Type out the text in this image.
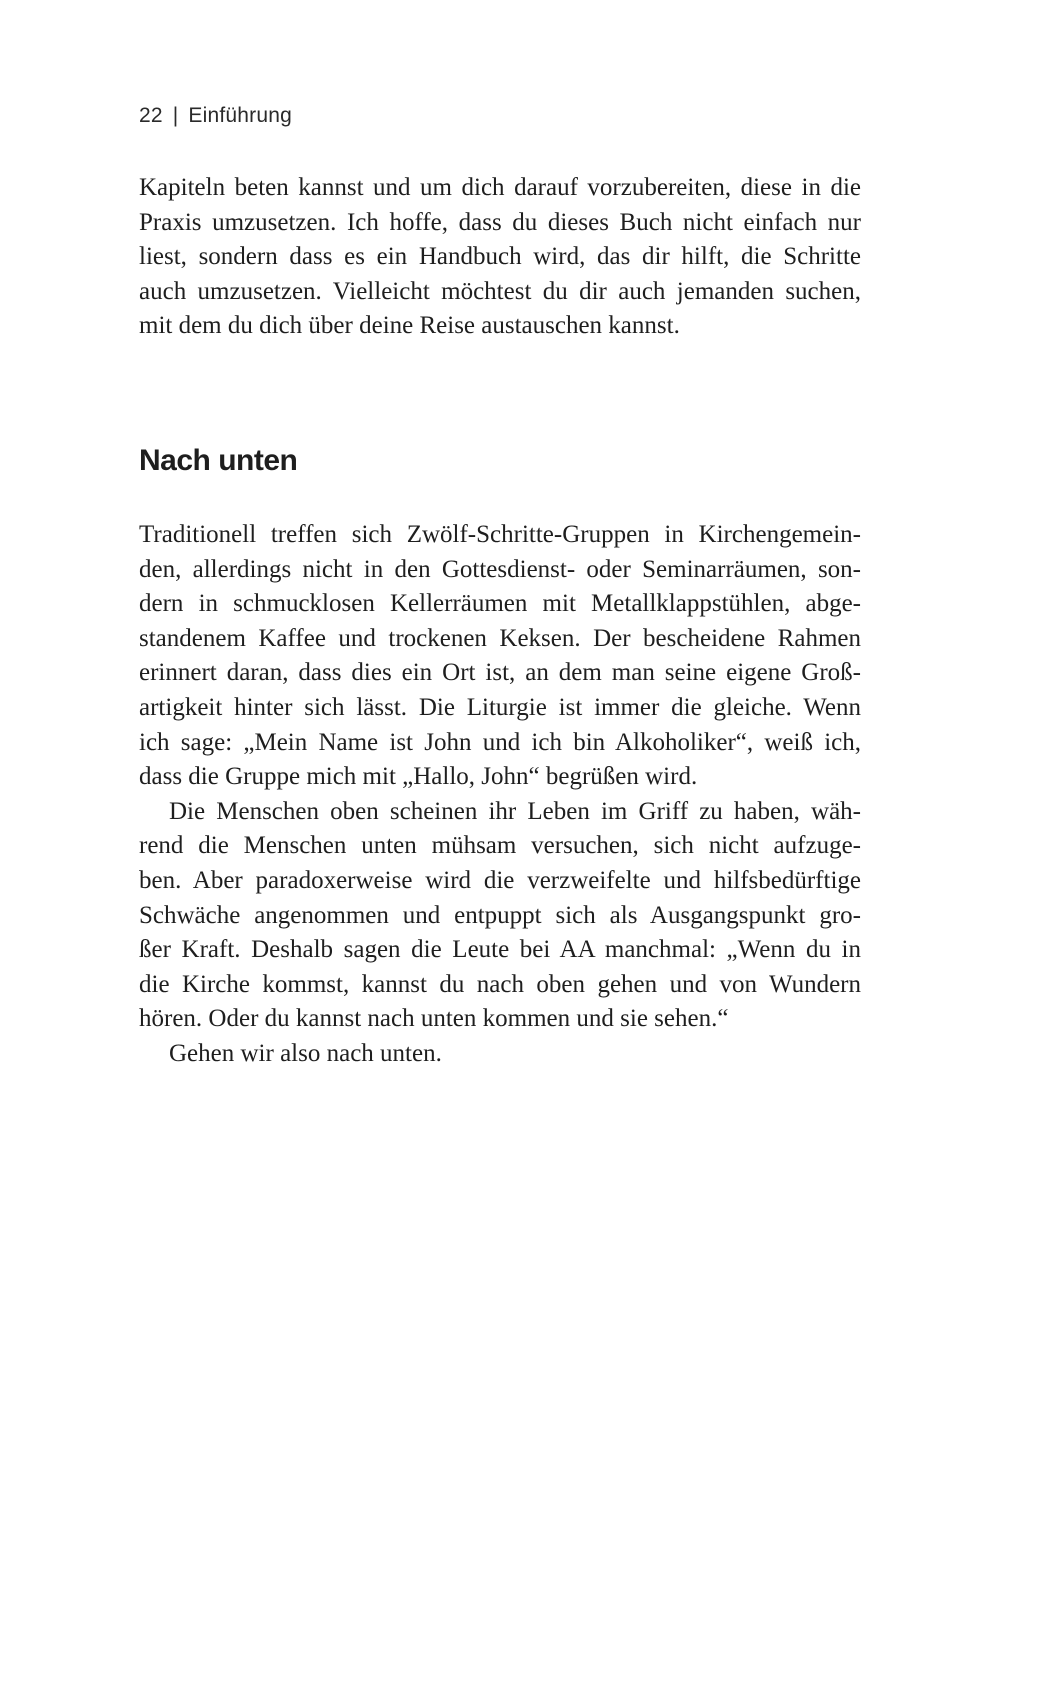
22 | Einführung
Kapiteln beten kannst und um dich darauf vorzubereiten, diese in die
Praxis umzusetzen. Ich hoffe, dass du dieses Buch nicht einfach nur
liest, sondern dass es ein Handbuch wird, das dir hilft, die Schritte
auch umzusetzen. Vielleicht möchtest du dir auch jemanden suchen,
mit dem du dich über deine Reise austauschen kannst.
Nach unten
Traditionell treffen sich Zwölf-Schritte-Gruppen in Kirchengemein-
den, allerdings nicht in den Gottesdienst- oder Seminarräumen, son-
dern in schmucklosen Kellerräumen mit Metallklappstühlen, abge-
standenem Kaffee und trockenen Keksen. Der bescheidene Rahmen
erinnert daran, dass dies ein Ort ist, an dem man seine eigene Groß-
artigkeit hinter sich lässt. Die Liturgie ist immer die gleiche. Wenn
ich sage: „Mein Name ist John und ich bin Alkoholiker“, weiß ich,
dass die Gruppe mich mit „Hallo, John“ begrüßen wird.
Die Menschen oben scheinen ihr Leben im Griff zu haben, wäh-
rend die Menschen unten mühsam versuchen, sich nicht aufzuge-
ben. Aber paradoxerweise wird die verzweifelte und hilfsbedürftige
Schwäche angenommen und entpuppt sich als Ausgangspunkt gro-
ßer Kraft. Deshalb sagen die Leute bei AA manchmal: „Wenn du in
die Kirche kommst, kannst du nach oben gehen und von Wundern
hören. Oder du kannst nach unten kommen und sie sehen.“
Gehen wir also nach unten.
